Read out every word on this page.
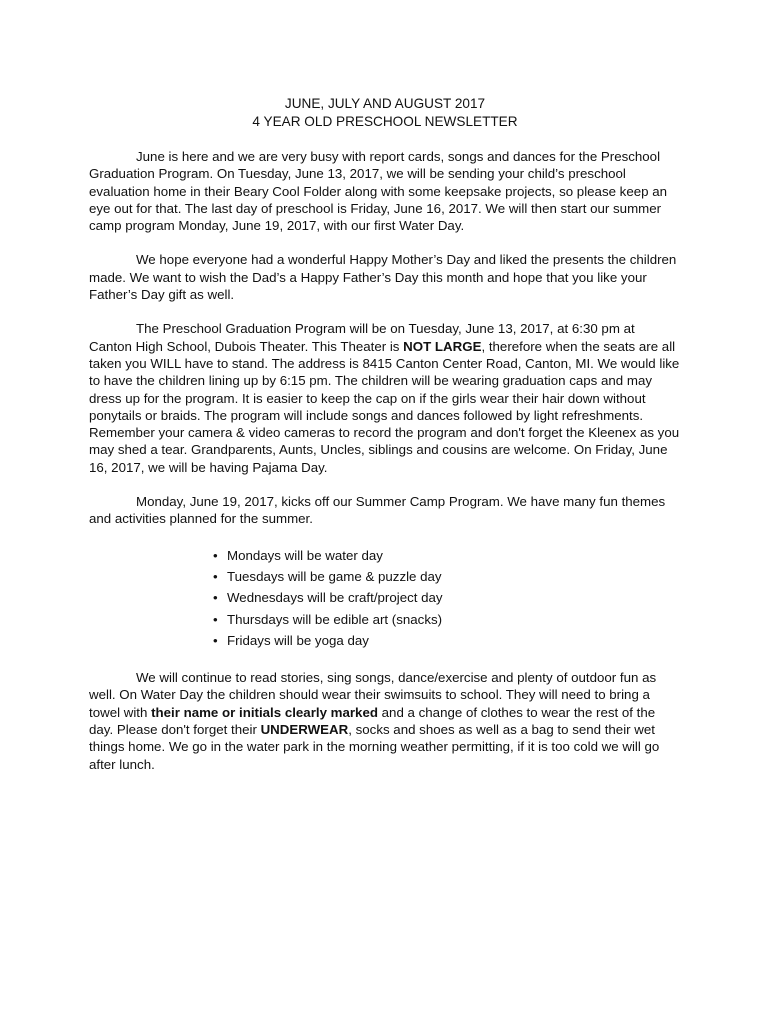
JUNE, JULY AND AUGUST 2017

4 YEAR OLD PRESCHOOL NEWSLETTER

June is here and we are very busy with report cards, songs and dances for the Preschool Graduation Program. On Tuesday, June 13, 2017, we will be sending your child’s preschool evaluation home in their Beary Cool Folder along with some keepsake projects, so please keep an eye out for that. The last day of preschool is Friday, June 16, 2017. We will then start our summer camp program Monday, June 19, 2017, with our first Water Day.

We hope everyone had a wonderful Happy Mother’s Day and liked the presents the children made. We want to wish the Dad’s a Happy Father’s Day this month and hope that you like your Father’s Day gift as well.

The Preschool Graduation Program will be on Tuesday, June 13, 2017, at 6:30 pm at Canton High School, Dubois Theater. This Theater is NOT LARGE, therefore when the seats are all taken you WILL have to stand. The address is 8415 Canton Center Road, Canton, MI. We would like to have the children lining up by 6:15 pm. The children will be wearing graduation caps and may dress up for the program. It is easier to keep the cap on if the girls wear their hair down without ponytails or braids. The program will include songs and dances followed by light refreshments. Remember your camera & video cameras to record the program and don't forget the Kleenex as you may shed a tear. Grandparents, Aunts, Uncles, siblings and cousins are welcome. On Friday, June 16, 2017, we will be having Pajama Day.

Monday, June 19, 2017, kicks off our Summer Camp Program. We have many fun themes and activities planned for the summer.

• Mondays will be water day
• Tuesdays will be game & puzzle day
• Wednesdays will be craft/project day
• Thursdays will be edible art (snacks)
• Fridays will be yoga day

We will continue to read stories, sing songs, dance/exercise and plenty of outdoor fun as well. On Water Day the children should wear their swimsuits to school. They will need to bring a towel with their name or initials clearly marked and a change of clothes to wear the rest of the day. Please don't forget their UNDERWEAR, socks and shoes as well as a bag to send their wet things home. We go in the water park in the morning weather permitting, if it is too cold we will go after lunch.
